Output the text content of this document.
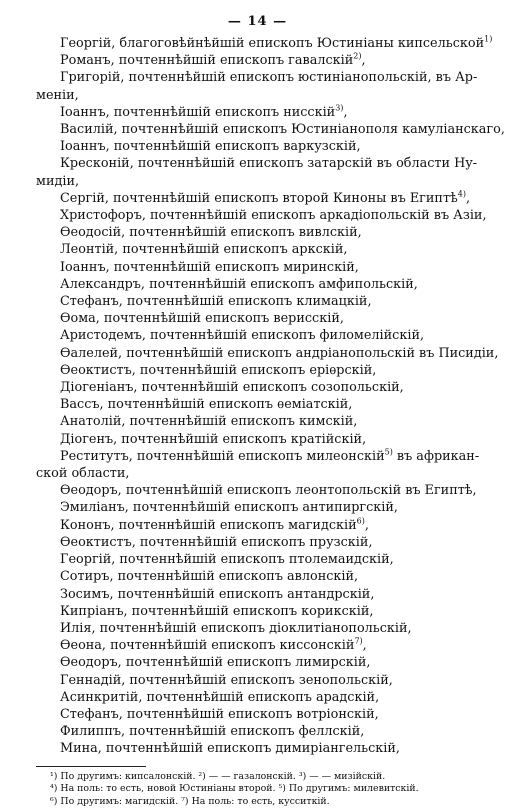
— 14 —
Георгій, благоговѣйнѣйшій епископъ Юстиніаны кипсельской$^{1)}$
Романъ, почтеннѣйшій епископъ гавалскій$^{2)}$,
Григорій, почтеннѣйшій епископъ юстиніанопольскій, въ Ар-
меніи,
Іоаннъ, почтеннѣйшій епископъ нисскій$^{3)}$,
Василій, почтеннѣйшій епископъ Юстиніанополя камуліанскаго,
Іоаннъ, почтеннѣйшій епископъ варкузскій,
Кресконій, почтеннѣйшій епископъ затарскій въ области Ну-
мидіи,
Сергій, почтеннѣйшій епископъ второй Киноны въ Египтѣ$^{4)}$,
Христофоръ, почтеннѣйшій епископъ аркадіопольскій въ Азіи,
Ѳеодосій, почтеннѣйшій епископъ вивлскій,
Леонтій, почтеннѣйшій епископъ аркскій,
Іоаннъ, почтеннѣйшій епископъ миринскій,
Александръ, почтеннѣйшій епископъ амфипольскій,
Стефанъ, почтеннѣйшій епископъ климацкій,
Ѳома, почтеннѣйшій епископъ верисскій,
Аристодемъ, почтеннѣйшій епископъ филомелійскій,
Ѳалелей, почтеннѣйшій епископъ андріанопольскій въ Писидіи,
Ѳеоктистъ, почтеннѣйшій епископъ еріѳрскій,
Діогеніанъ, почтеннѣйшій епископъ созопольскій,
Вассъ, почтеннѣйшій епископъ ѳеміатскій,
Анатолій, почтеннѣйшій епископъ кимскій,
Діогенъ, почтеннѣйшій епископъ кратійскій,
Реститутъ, почтеннѣйшій епископъ милеонскій$^{5)}$ въ африкан-
ской области,
Ѳеодоръ, почтеннѣйшій епископъ леонтопольскій въ Египтѣ,
Эмиліанъ, почтеннѣйшій епископъ антипиргскій,
Кононъ, почтеннѣйшій епископъ магидскій$^{6)}$,
Ѳеоктистъ, почтеннѣйшій епископъ прузскій,
Георгій, почтеннѣйшій епископъ птолемаидскій,
Сотиръ, почтеннѣйшій епископъ авлонскій,
Зосимъ, почтеннѣйшій епископъ антандрскій,
Кипріанъ, почтеннѣйшій епископъ корикскій,
Илія, почтеннѣйшій епископъ діоклитіанопольскій,
Ѳеона, почтеннѣйшій епископъ киссонскій$^{7)}$,
Ѳеодоръ, почтеннѣйшій епископъ лимирскій,
Геннадій, почтеннѣйшій епископъ зенопольскій,
Асинкритій, почтеннѣйшій епископъ арадскій,
Стефанъ, почтеннѣйшій епископъ вотріонскій,
Филиппъ, почтеннѣйшій епископъ феллскій,
Мина, почтеннѣйшій епископъ димиріангельскій,
¹) По другимъ: кипсалонскій. ²) — — газалонскій. ³) — — мизійскій.
⁴) На поль: то есть, новой Юстиніаны второй. ⁵) По другимъ: милевитскій.
⁶) По другимъ: магидскій. ⁷) На поль: то есть, кусситкій.
